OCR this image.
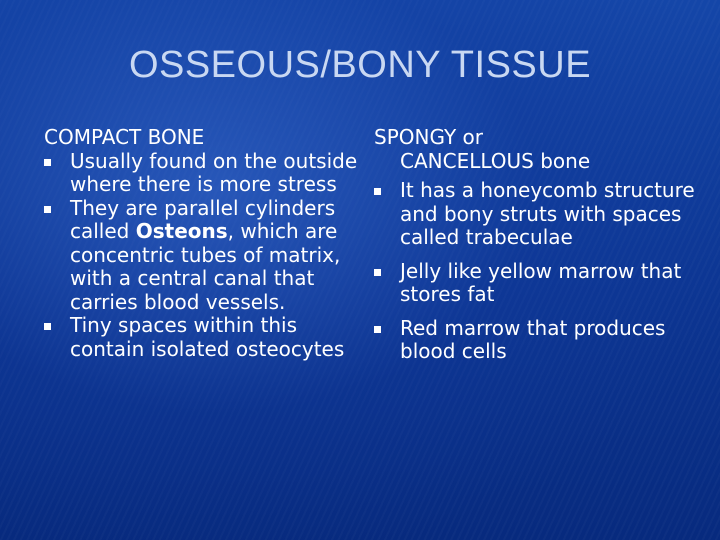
OSSEOUS/BONY TISSUE
COMPACT BONE
Usually found on the outside where there is more stress
They are parallel cylinders called Osteons, which are concentric tubes of matrix, with a central canal that carries blood vessels.
Tiny spaces within this contain isolated osteocytes
SPONGY or
CANCELLOUS bone
It has a honeycomb structure and bony struts with spaces called trabeculae
Jelly like yellow marrow that stores fat
Red marrow that produces blood cells
